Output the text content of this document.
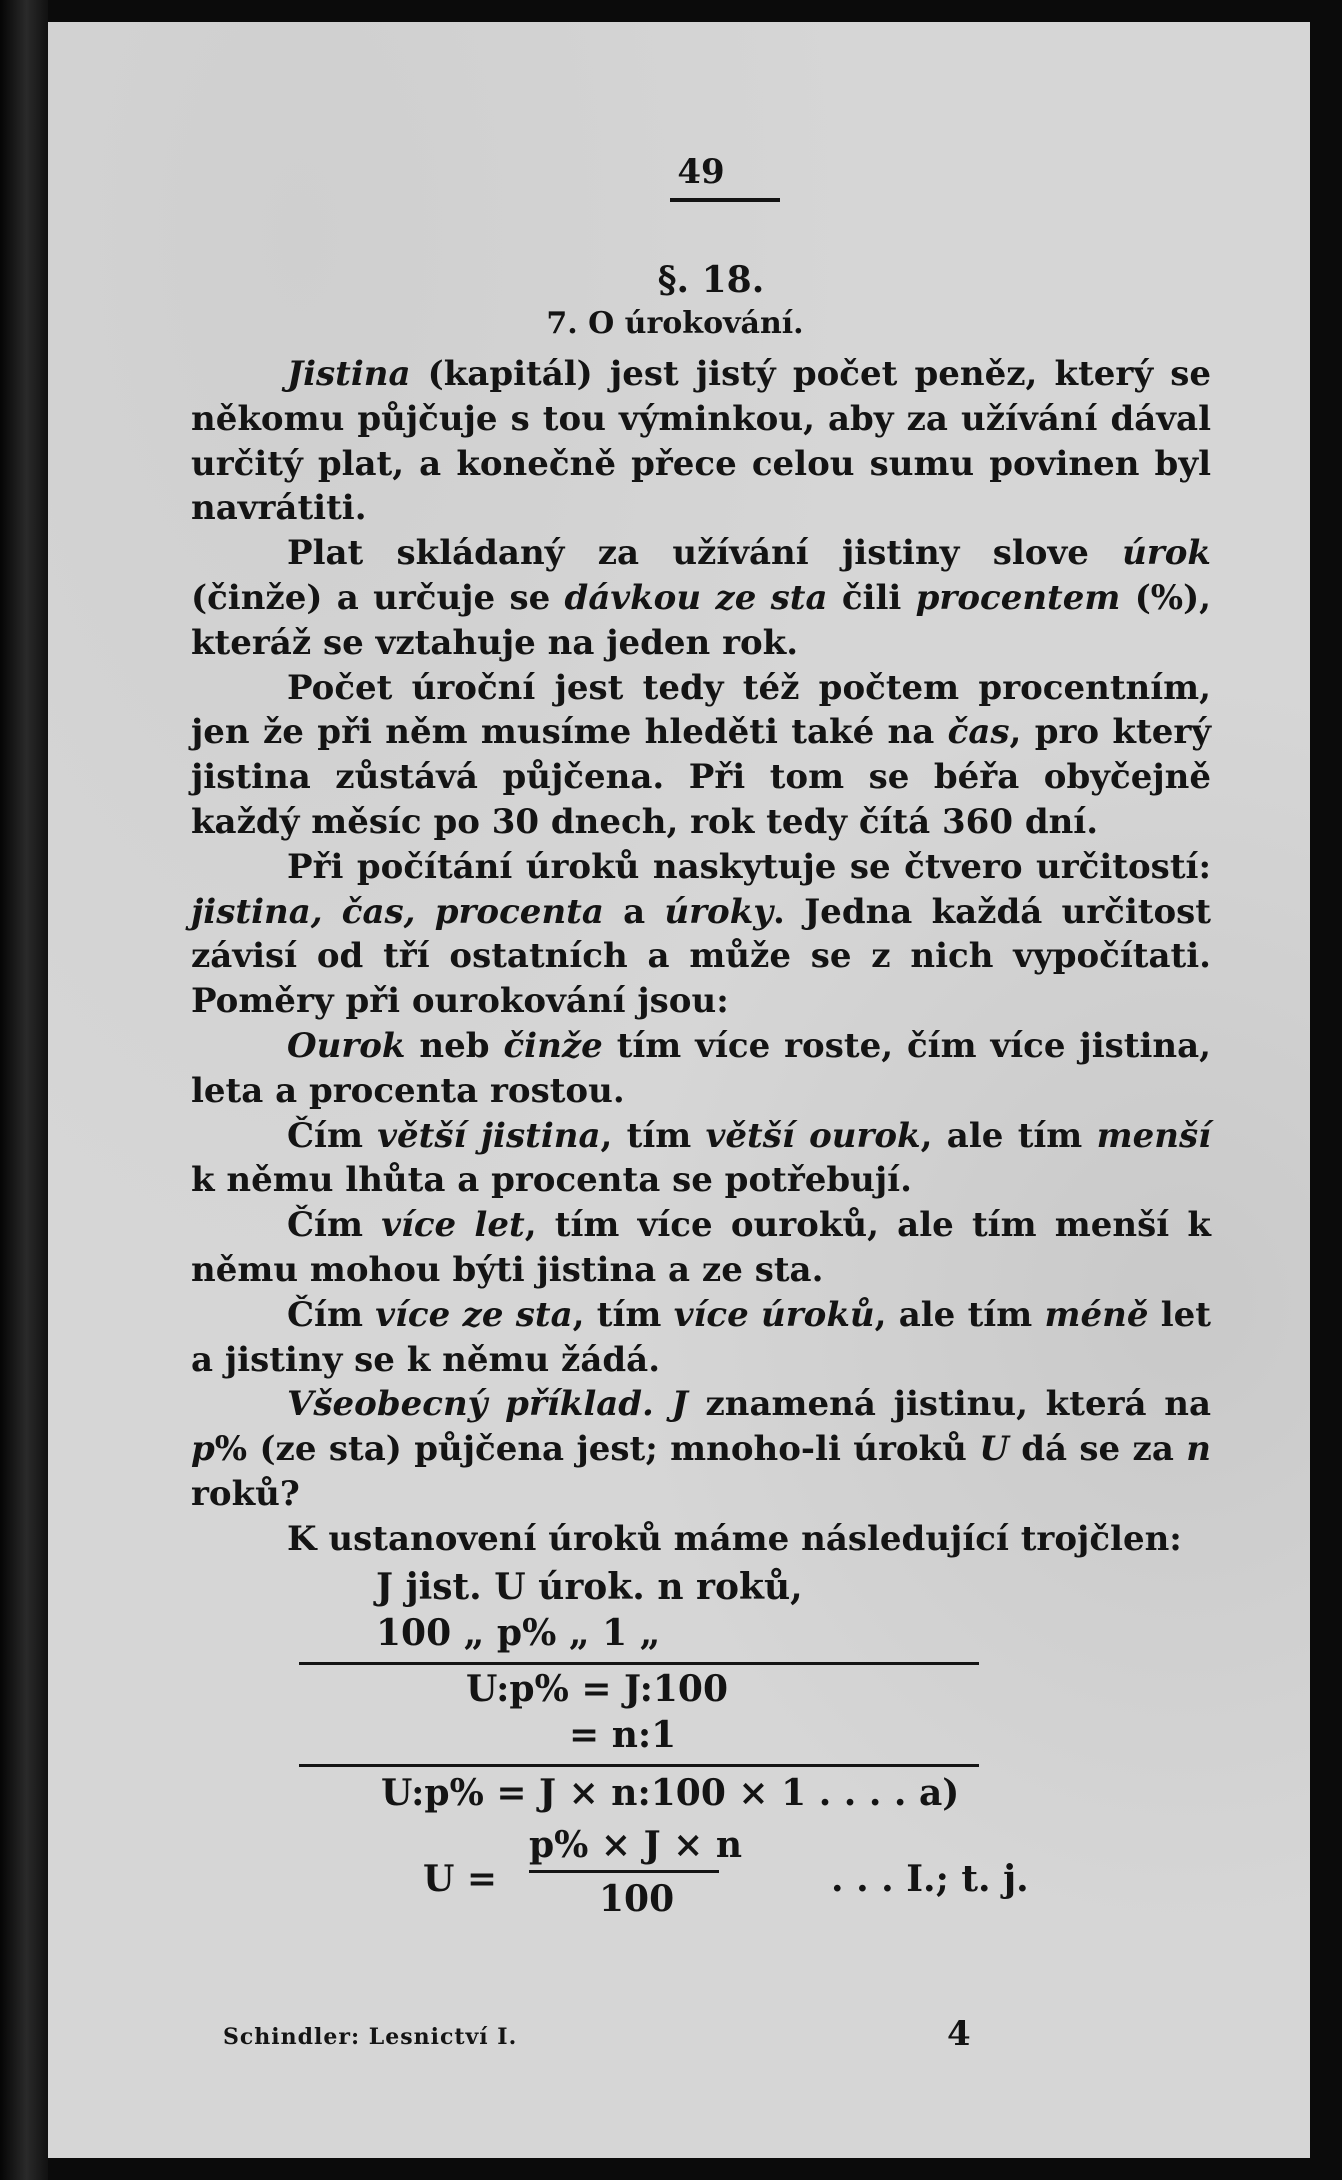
49
§. 18.
7. O úrokování.

Jistina (kapitál) jest jistý počet peněz, který se někomu půjčuje s tou výminkou, aby za užívání dával určitý plat, a konečně přece celou sumu povinen byl navrátiti.

Plat skládaný za užívání jistiny slove úrok (činže) a určuje se dávkou ze sta čili procentem (%), kteráž se vztahuje na jeden rok.

Počet úroční jest tedy též počtem procentním, jen že při něm musíme hleděti také na čas, pro který jistina zůstává půjčena. Při tom se béřa obyčejně každý měsíc po 30 dnech, rok tedy čítá 360 dní.

Při počítání úroků naskytuje se čtvero určitostí: jistina, čas, procenta a úroky. Jedna každá určitost závisí od tří ostatních a může se z nich vypočítati. Poměry při ourokování jsou:

Ourok neb činže tím více roste, čím více jistina, leta a procenta rostou.

Čím větší jistina, tím větší ourok, ale tím menší k němu lhůta a procenta se potřebují.

Čím více let, tím více ouroků, ale tím menší k němu mohou býti jistina a ze sta.

Čím více ze sta, tím více úroků, ale tím méně let a jistiny se k němu žádá.

Všeobecný příklad. J znamená jistinu, která na p% (ze sta) půjčena jest; mnoho-li úroků U dá se za n roků?

K ustanovení úroků máme následující trojčlen:
J jist. U úrok. n roků,
100 „ p% „ 1 „
U:p% = J:100
= n:1
U:p% = J × n:100 × 1 . . . . a)
U =
p% × J × n
100	. . . I.; t. j.
Schindler: Lesnictví I.	4
